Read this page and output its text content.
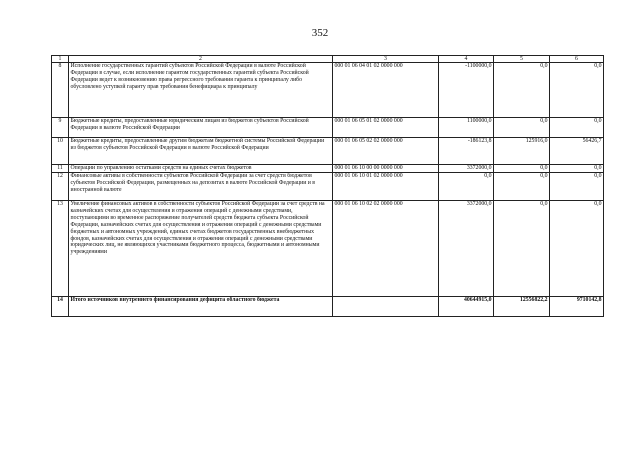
352
1	2	3	4	5	6
8	Исполнение государственных гарантий субъектов Российской Федерации в валюте Российской Федерации в случае, если исполнение гарантом государственных гарантий субъекта Российской Федерации ведет к возникновению права регрессного требования гаранта к принципалу либо обусловлено уступкой гаранту прав требования бенефициара к принципалу	000 01 06 04 01 02 0000 000	-1100000,0	0,0	0,0
9	Бюджетные кредиты, предоставленные юридическим лицам из бюджетов субъектов Российской Федерации в валюте Российской Федерации	000 01 06 05 01 02 0000 000	1100000,0	0,0	0,0
10	Бюджетные кредиты, предоставленные другим бюджетам бюджетной системы Российской Федерации из бюджетов субъектов Российской Федерации в валюте Российской Федерации	000 01 06 05 02 02 0000 000	-186123,8	125916,0	56426,7
11	Операции по управлению остатками средств на единых счетах бюджетов	000 01 06 10 00 00 0000 000	3372000,0	0,0	0,0
12	Финансовые активы в собственности субъектов Российской Федерации за счет средств бюджетов субъектов Российской Федерации, размещенных на депозитах в валюте Российской Федерации и в иностранной валюте	000 01 06 10 01 02 0000 000	0,0	0,0	0,0
13	Увеличение финансовых активов в собственности субъектов Российской Федерации за счет средств на казначейских счетах для осуществления и отражения операций с денежными средствами, поступающими во временное распоряжение получателей средств бюджета субъекта Российской Федерации, казначейских счетах для осуществления и отражения операций с денежными средствами бюджетных и автономных учреждений, единых счетах бюджетов государственных внебюджетных фондов, казначейских счетах для осуществления и отражения операций с денежными средствами юридических лиц, не являющихся участниками бюджетного процесса, бюджетными и автономными учреждениями	000 01 06 10 02 02 0000 000	3372000,0	0,0	0,0
14	Итого источников внутреннего финансирования дефицита областного бюджета		40644915,0	12556822,2	9710142,8
